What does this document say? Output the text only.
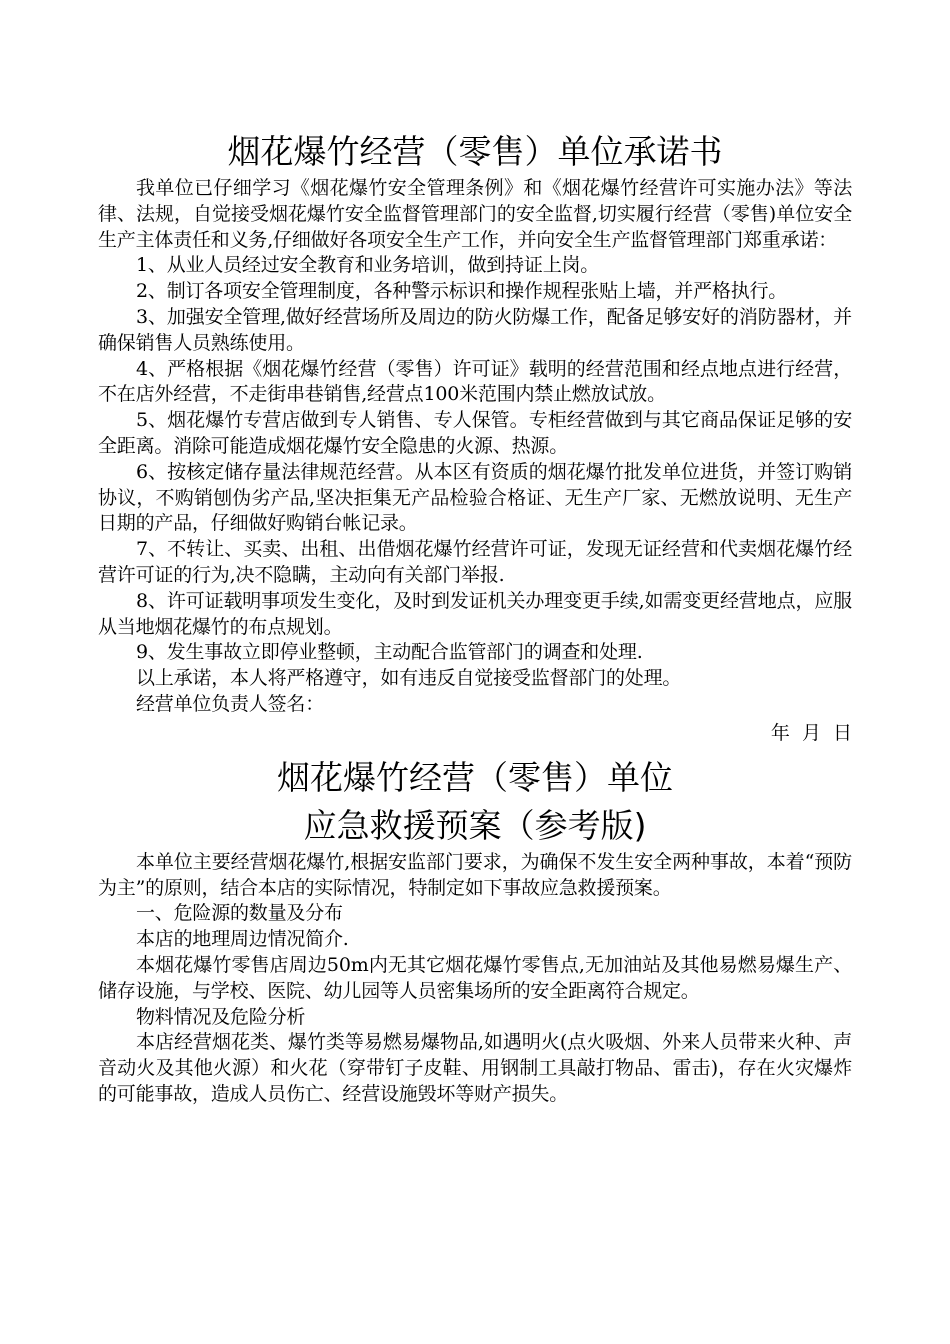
烟花爆竹经营（零售）单位承诺书

我单位已仔细学习《烟花爆竹安全管理条例》和《烟花爆竹经营许可实施办法》等法律、法规，自觉接受烟花爆竹安全监督管理部门的安全监督,切实履行经营（零售)单位安全生产主体责任和义务,仔细做好各项安全生产工作，并向安全生产监督管理部门郑重承诺：

1、从业人员经过安全教育和业务培训，做到持证上岗。

2、制订各项安全管理制度，各种警示标识和操作规程张贴上墙，并严格执行。

3、加强安全管理,做好经营场所及周边的防火防爆工作，配备足够安好的消防器材，并确保销售人员熟练使用。

4、严格根据《烟花爆竹经营（零售）许可证》载明的经营范围和经点地点进行经营，不在店外经营，不走街串巷销售,经营点100米范围内禁止燃放试放。

5、烟花爆竹专营店做到专人销售、专人保管。专柜经营做到与其它商品保证足够的安全距离。消除可能造成烟花爆竹安全隐患的火源、热源。

6、按核定储存量法律规范经营。从本区有资质的烟花爆竹批发单位进货，并签订购销协议，不购销刨伪劣产品,坚决拒集无产品检验合格证、无生产厂家、无燃放说明、无生产日期的产品，仔细做好购销台帐记录。

7、不转让、买卖、出租、出借烟花爆竹经营许可证，发现无证经营和代卖烟花爆竹经营许可证的行为,决不隐瞒，主动向有关部门举报.

8、许可证载明事项发生变化，及时到发证机关办理变更手续,如需变更经营地点，应服从当地烟花爆竹的布点规划。

9、发生事故立即停业整顿，主动配合监管部门的调查和处理.

以上承诺，本人将严格遵守，如有违反自觉接受监督部门的处理。

经营单位负责人签名：

年 月 日

烟花爆竹经营（零售）单位
应急救援预案（参考版)

本单位主要经营烟花爆竹,根据安监部门要求，为确保不发生安全两种事故，本着“预防为主”的原则，结合本店的实际情况，特制定如下事故应急救援预案。

一、危险源的数量及分布

本店的地理周边情况简介.

本烟花爆竹零售店周边50m内无其它烟花爆竹零售点,无加油站及其他易燃易爆生产、储存设施，与学校、医院、幼儿园等人员密集场所的安全距离符合规定。

物料情况及危险分析

本店经营烟花类、爆竹类等易燃易爆物品,如遇明火(点火吸烟、外来人员带来火种、声音动火及其他火源）和火花（穿带钉子皮鞋、用钢制工具敲打物品、雷击)，存在火灾爆炸的可能事故，造成人员伤亡、经营设施毁坏等财产损失。
